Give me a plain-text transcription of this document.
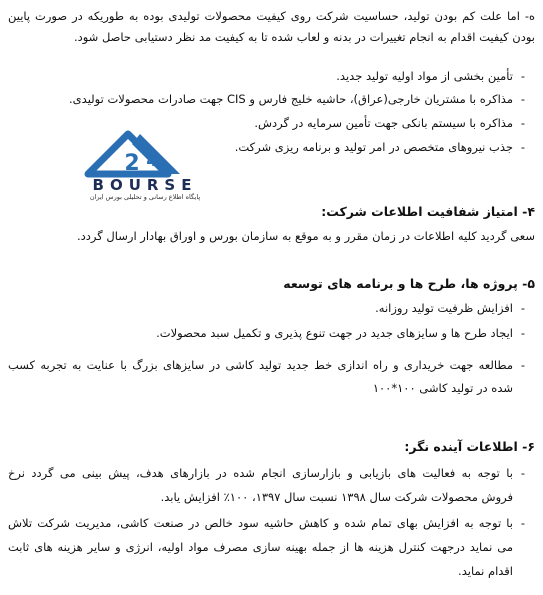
ه- اما علت کم بودن تولید، حساسیت شرکت روی کیفیت محصولات تولیدی بوده به طوریکه در صورت پایین
بودن کیفیت اقدام به انجام تغییرات در بدنه و لعاب شده تا به کیفیت مد نظر دستیابی حاصل شود.
- تأمین بخشی از مواد اولیه تولید جدید.
- مذاکره با مشتریان خارجی(عراق)، حاشیه خلیج فارس و CIS جهت صادرات محصولات تولیدی.
- مذاکره با سیستم بانکی جهت تأمین سرمایه در گردش.
- جذب نیروهای متخصص در امر تولید و برنامه ریزی شرکت.
2 4
BOURSE
پایگاه اطلاع رسانی و تحلیلی بورس ایران
۴- امتیاز شفافیت اطلاعات شرکت:
سعی گردید کلیه اطلاعات در زمان مقرر و به موقع به سازمان بورس و اوراق بهادار ارسال گردد.
۵- پروژه ها، طرح ها و برنامه های توسعه
- افزایش ظرفیت تولید روزانه.
- ایجاد طرح ها و سایزهای جدید در جهت تنوع پذیری و تکمیل سبد محصولات.
- مطالعه جهت خریداری و راه اندازی خط جدید تولید کاشی در سایزهای بزرگ با عنایت به تجربه کسب
شده در تولید کاشی ۱۰۰*۱۰۰
۶- اطلاعات آینده نگر:
- با توجه به فعالیت های بازیابی و بازارسازی انجام شده در بازارهای هدف، پیش بینی می گردد نرخ
فروش محصولات شرکت سال ۱۳۹۸ نسبت سال ۱۳۹۷، ۱۰۰٪ افزایش یابد.
- با توجه به افزایش بهای تمام شده و کاهش حاشیه سود خالص در صنعت کاشی، مدیریت شرکت تلاش
می نماید درجهت کنترل هزینه ها از جمله بهینه سازی مصرف مواد اولیه، انرژی و سایر هزینه های ثابت
اقدام نماید.
